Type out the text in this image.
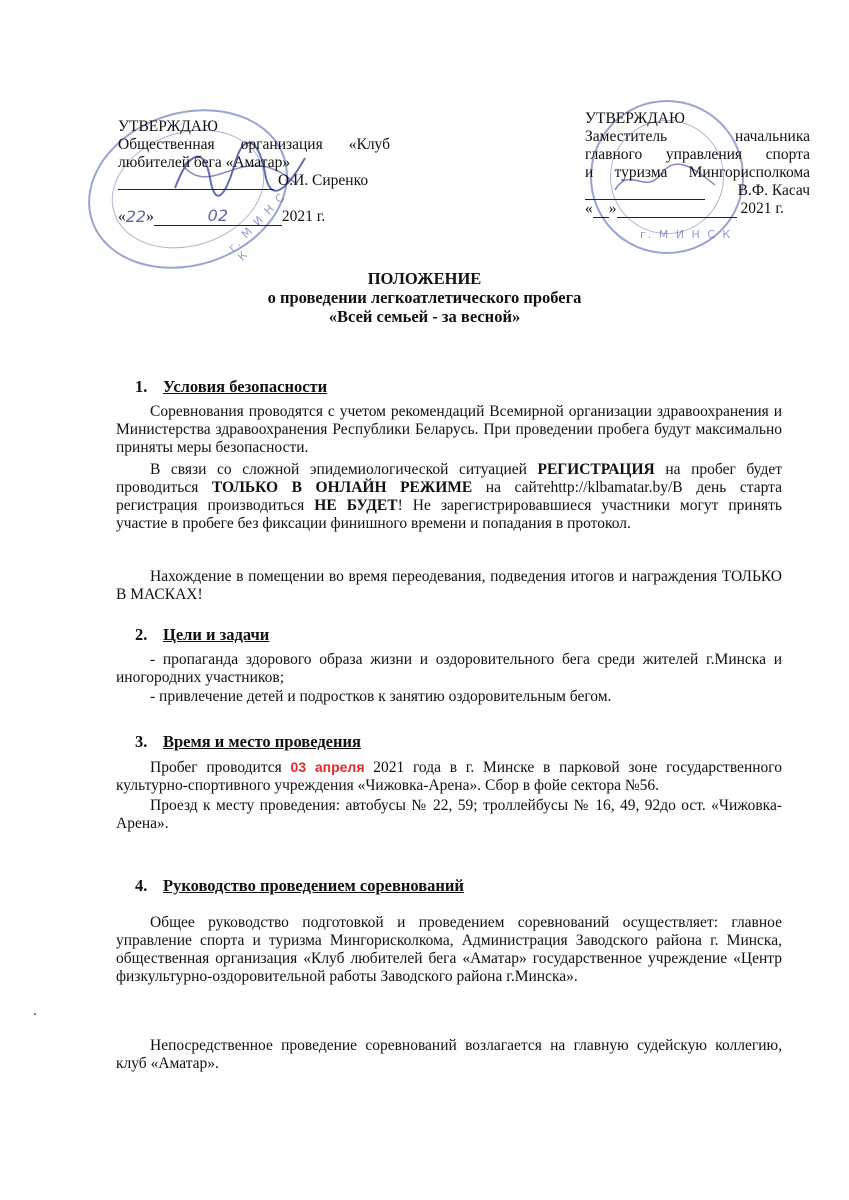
г. М И Н С К
г. М И Н С К
УТВЕРЖДАЮ
Общественная организация «Клуб
любителей бега «Аматар»
О.И. Сиренко
« 22 »	02	2021 г.
УТВЕРЖДАЮ
Заместитель начальника
главного управления спорта
и туризма Мингорисполкома
В.Ф. Касач
« »	2021 г.
ПОЛОЖЕНИЕ
о проведении легкоатлетического пробега
«Всей семьей - за весной»
1. Условия безопасности
Соревнования проводятся с учетом рекомендаций Всемирной организации здравоохранения и Министерства здравоохранения Республики Беларусь. При проведении пробега будут максимально приняты меры безопасности.
В связи со сложной эпидемиологической ситуацией РЕГИСТРАЦИЯ на пробег будет проводиться ТОЛЬКО В ОНЛАЙН РЕЖИМЕ на сайтеhttp://klbamatar.by/В день старта регистрация производиться НЕ БУДЕТ! Не зарегистрировавшиеся участники могут принять участие в пробеге без фиксации финишного времени и попадания в протокол.
Нахождение в помещении во время переодевания, подведения итогов и награждения ТОЛЬКО В МАСКАХ!
2. Цели и задачи
- пропаганда здорового образа жизни и оздоровительного бега среди жителей г.Минска и иногородних участников;
- привлечение детей и подростков к занятию оздоровительным бегом.
3. Время и место проведения
Пробег проводится 03 апреля 2021 года в г. Минске в парковой зоне государственного культурно-спортивного учреждения «Чижовка-Арена». Сбор в фойе сектора №56.
Проезд к месту проведения: автобусы № 22, 59; троллейбусы № 16, 49, 92до ост. «Чижовка-Арена».
4. Руководство проведением соревнований
Общее руководство подготовкой и проведением соревнований осуществляет: главное управление спорта и туризма Мингорисколкома, Администрация Заводского района г. Минска, общественная организация «Клуб любителей бега «Аматар» государственное учреждение «Центр физкультурно-оздоровительной работы Заводского района г.Минска».
Непосредственное проведение соревнований возлагается на главную судейскую коллегию, клуб «Аматар».
